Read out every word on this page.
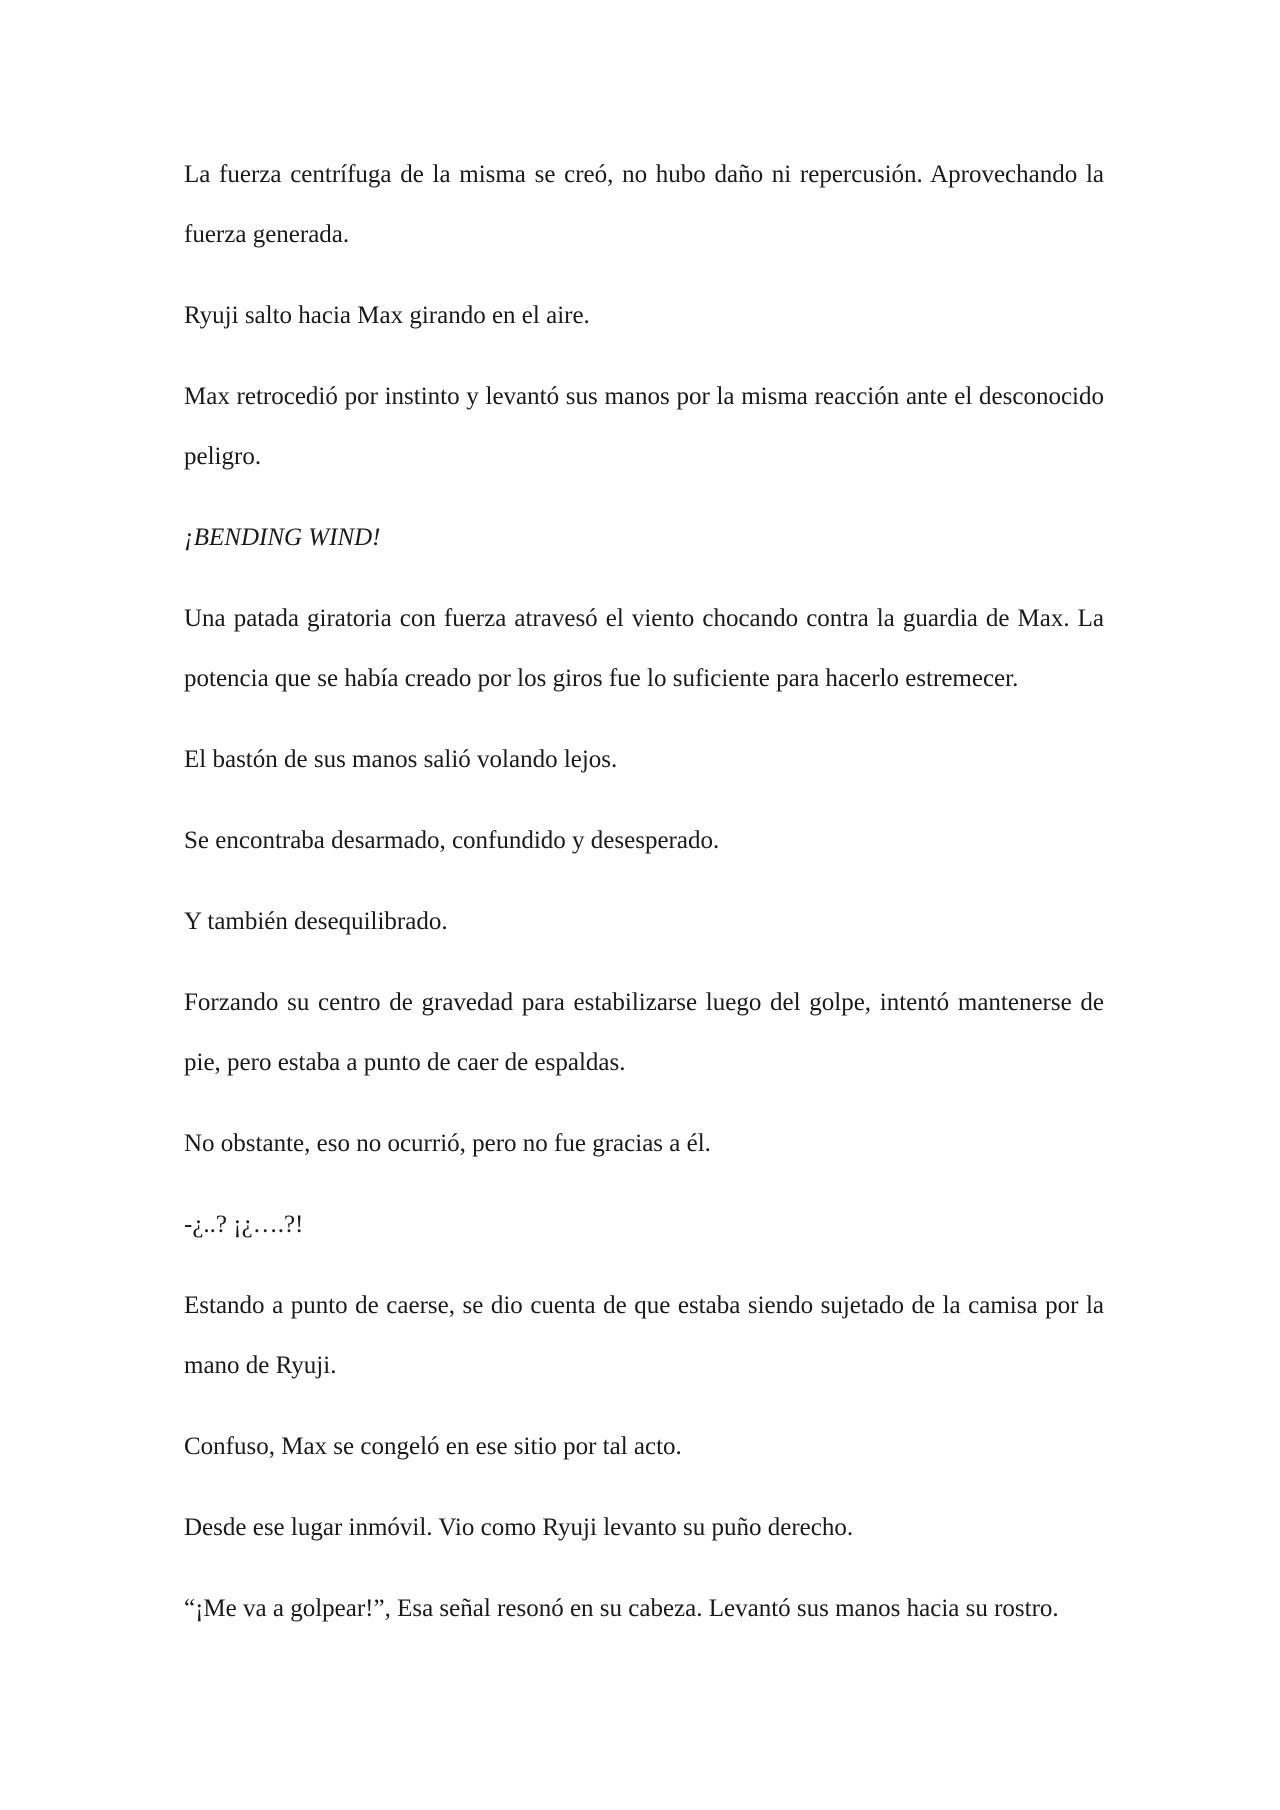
La fuerza centrífuga de la misma se creó, no hubo daño ni repercusión. Aprovechando la fuerza generada.

Ryuji salto hacia Max girando en el aire.

Max retrocedió por instinto y levantó sus manos por la misma reacción ante el desconocido peligro.

¡BENDING WIND!

Una patada giratoria con fuerza atravesó el viento chocando contra la guardia de Max. La potencia que se había creado por los giros fue lo suficiente para hacerlo estremecer.

El bastón de sus manos salió volando lejos.

Se encontraba desarmado, confundido y desesperado.

Y también desequilibrado.

Forzando su centro de gravedad para estabilizarse luego del golpe, intentó mantenerse de pie, pero estaba a punto de caer de espaldas.

No obstante, eso no ocurrió, pero no fue gracias a él.

-¿..? ¡¿….?!

Estando a punto de caerse, se dio cuenta de que estaba siendo sujetado de la camisa por la mano de Ryuji.

Confuso, Max se congeló en ese sitio por tal acto.

Desde ese lugar inmóvil. Vio como Ryuji levanto su puño derecho.

“¡Me va a golpear!”, Esa señal resonó en su cabeza. Levantó sus manos hacia su rostro.
